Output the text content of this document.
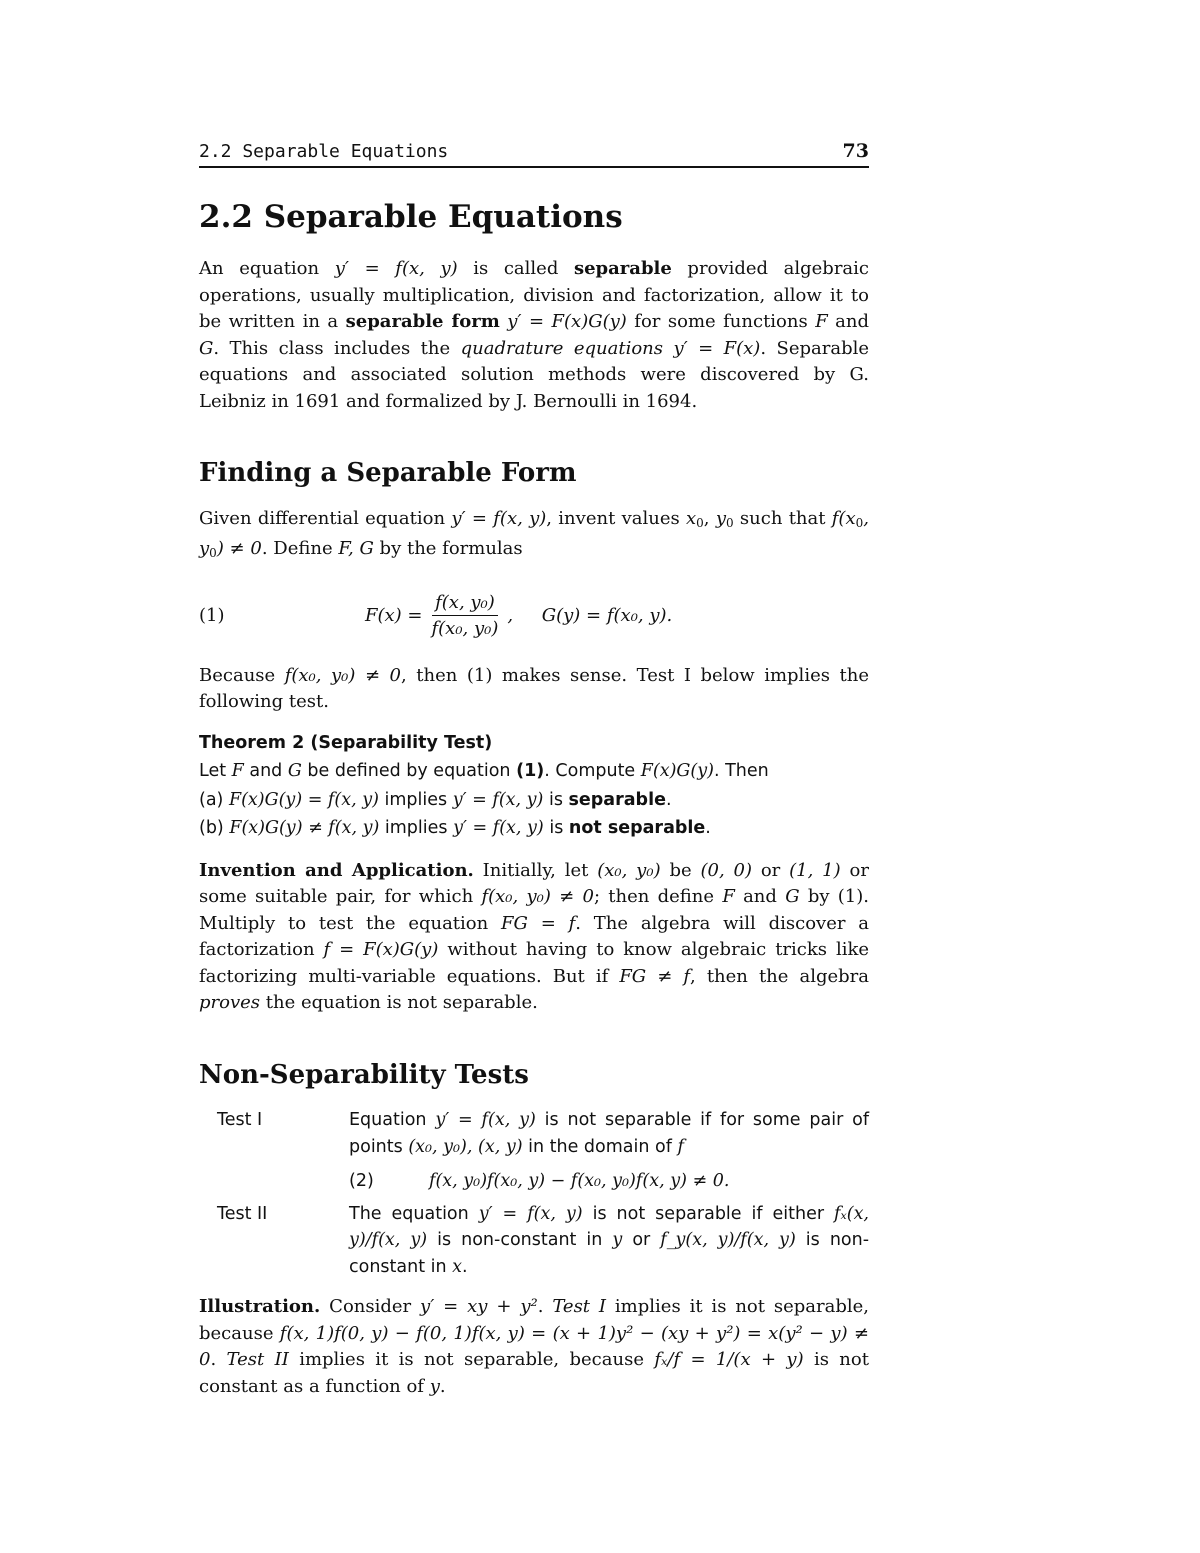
2.2 Separable Equations	73
2.2 Separable Equations

An equation y′ = f(x, y) is called separable provided algebraic operations, usually multiplication, division and factorization, allow it to be written in a separable form y′ = F(x)G(y) for some functions F and G. This class includes the quadrature equations y′ = F(x). Separable equations and associated solution methods were discovered by G. Leibniz in 1691 and formalized by J. Bernoulli in 1694.

Finding a Separable Form

Given differential equation y′ = f(x, y), invent values $x_0$, $y_0$ such that $f(x_0$, $y_0) \ne 0$. Define F, G by the formulas

(1)	$F(x) = \frac{\text{f(x, y₀)}}{\text{f(x₀, y₀)}}$ ,     G(y) = f(x₀, y).

Because f(x₀, y₀) ≠ 0, then (1) makes sense. Test I below implies the following test.

Theorem 2 (Separability Test)
Let F and G be defined by equation (1). Compute F(x)G(y). Then
(a) F(x)G(y) = f(x, y) implies y′ = f(x, y) is separable.
(b) F(x)G(y) ≠ f(x, y) implies y′ = f(x, y) is not separable.

Invention and Application. Initially, let (x₀, y₀) be (0, 0) or (1, 1) or some suitable pair, for which f(x₀, y₀) ≠ 0; then define F and G by (1). Multiply to test the equation FG = f. The algebra will discover a factorization f = F(x)G(y) without having to know algebraic tricks like factorizing multi-variable equations. But if FG ≠ f, then the algebra proves the equation is not separable.

Non-Separability Tests
Test I	Equation y′ = f(x, y) is not separable if for some pair of points (x₀, y₀), (x, y) in the domain of f
(2)	f(x, y₀)f(x₀, y) − f(x₀, y₀)f(x, y) ≠ 0.
Test II	The equation y′ = f(x, y) is not separable if either fₓ(x, y)/f(x, y) is non-constant in y or f_y(x, y)/f(x, y) is non-constant in x.

Illustration. Consider y′ = xy + y². Test I implies it is not separable, because f(x, 1)f(0, y) − f(0, 1)f(x, y) = (x + 1)y² − (xy + y²) = x(y² − y) ≠ 0. Test II implies it is not separable, because fₓ/f = 1/(x + y) is not constant as a function of y.
